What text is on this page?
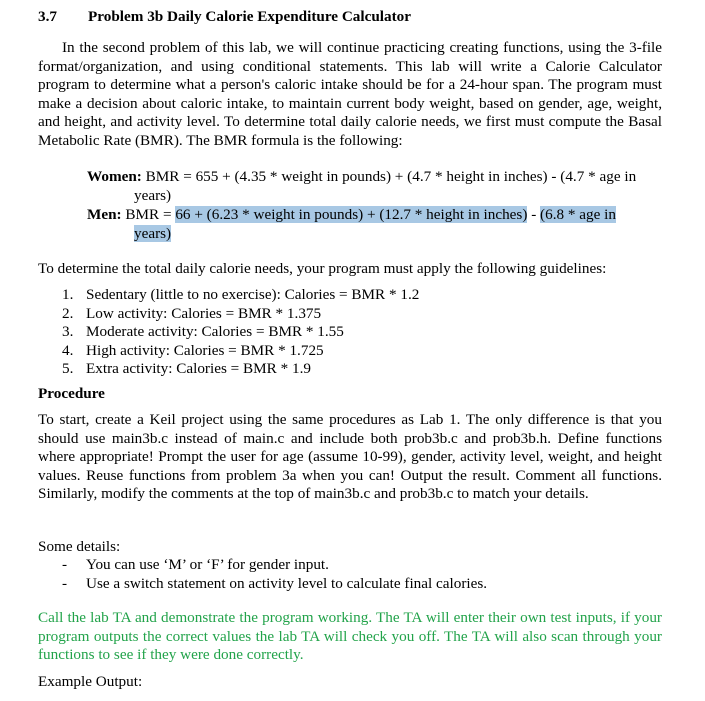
3.7 Problem 3b Daily Calorie Expenditure Calculator
In the second problem of this lab, we will continue practicing creating functions, using the 3-file format/organization, and using conditional statements. This lab will write a Calorie Calculator program to determine what a person's caloric intake should be for a 24-hour span. The program must make a decision about caloric intake, to maintain current body weight, based on gender, age, weight, and height, and activity level. To determine total daily calorie needs, we first must compute the Basal Metabolic Rate (BMR). The BMR formula is the following:
Women: BMR = 655 + (4.35 * weight in pounds) + (4.7 * height in inches) - (4.7 * age in
years)
Men: BMR = 66 + (6.23 * weight in pounds) + (12.7 * height in inches) - (6.8 * age in
years)
To determine the total daily calorie needs, your program must apply the following guidelines:
1. Sedentary (little to no exercise): Calories = BMR * 1.2
2. Low activity: Calories = BMR * 1.375
3. Moderate activity: Calories = BMR * 1.55
4. High activity: Calories = BMR * 1.725
5. Extra activity: Calories = BMR * 1.9
Procedure
To start, create a Keil project using the same procedures as Lab 1. The only difference is that you should use main3b.c instead of main.c and include both prob3b.c and prob3b.h. Define functions where appropriate! Prompt the user for age (assume 10-99), gender, activity level, weight, and height values. Reuse functions from problem 3a when you can! Output the result. Comment all functions. Similarly, modify the comments at the top of main3b.c and prob3b.c to match your details.
Some details:
- You can use ‘M’ or ‘F’ for gender input.
- Use a switch statement on activity level to calculate final calories.
Call the lab TA and demonstrate the program working. The TA will enter their own test inputs, if your program outputs the correct values the lab TA will check you off. The TA will also scan through your functions to see if they were done correctly.
Example Output:
